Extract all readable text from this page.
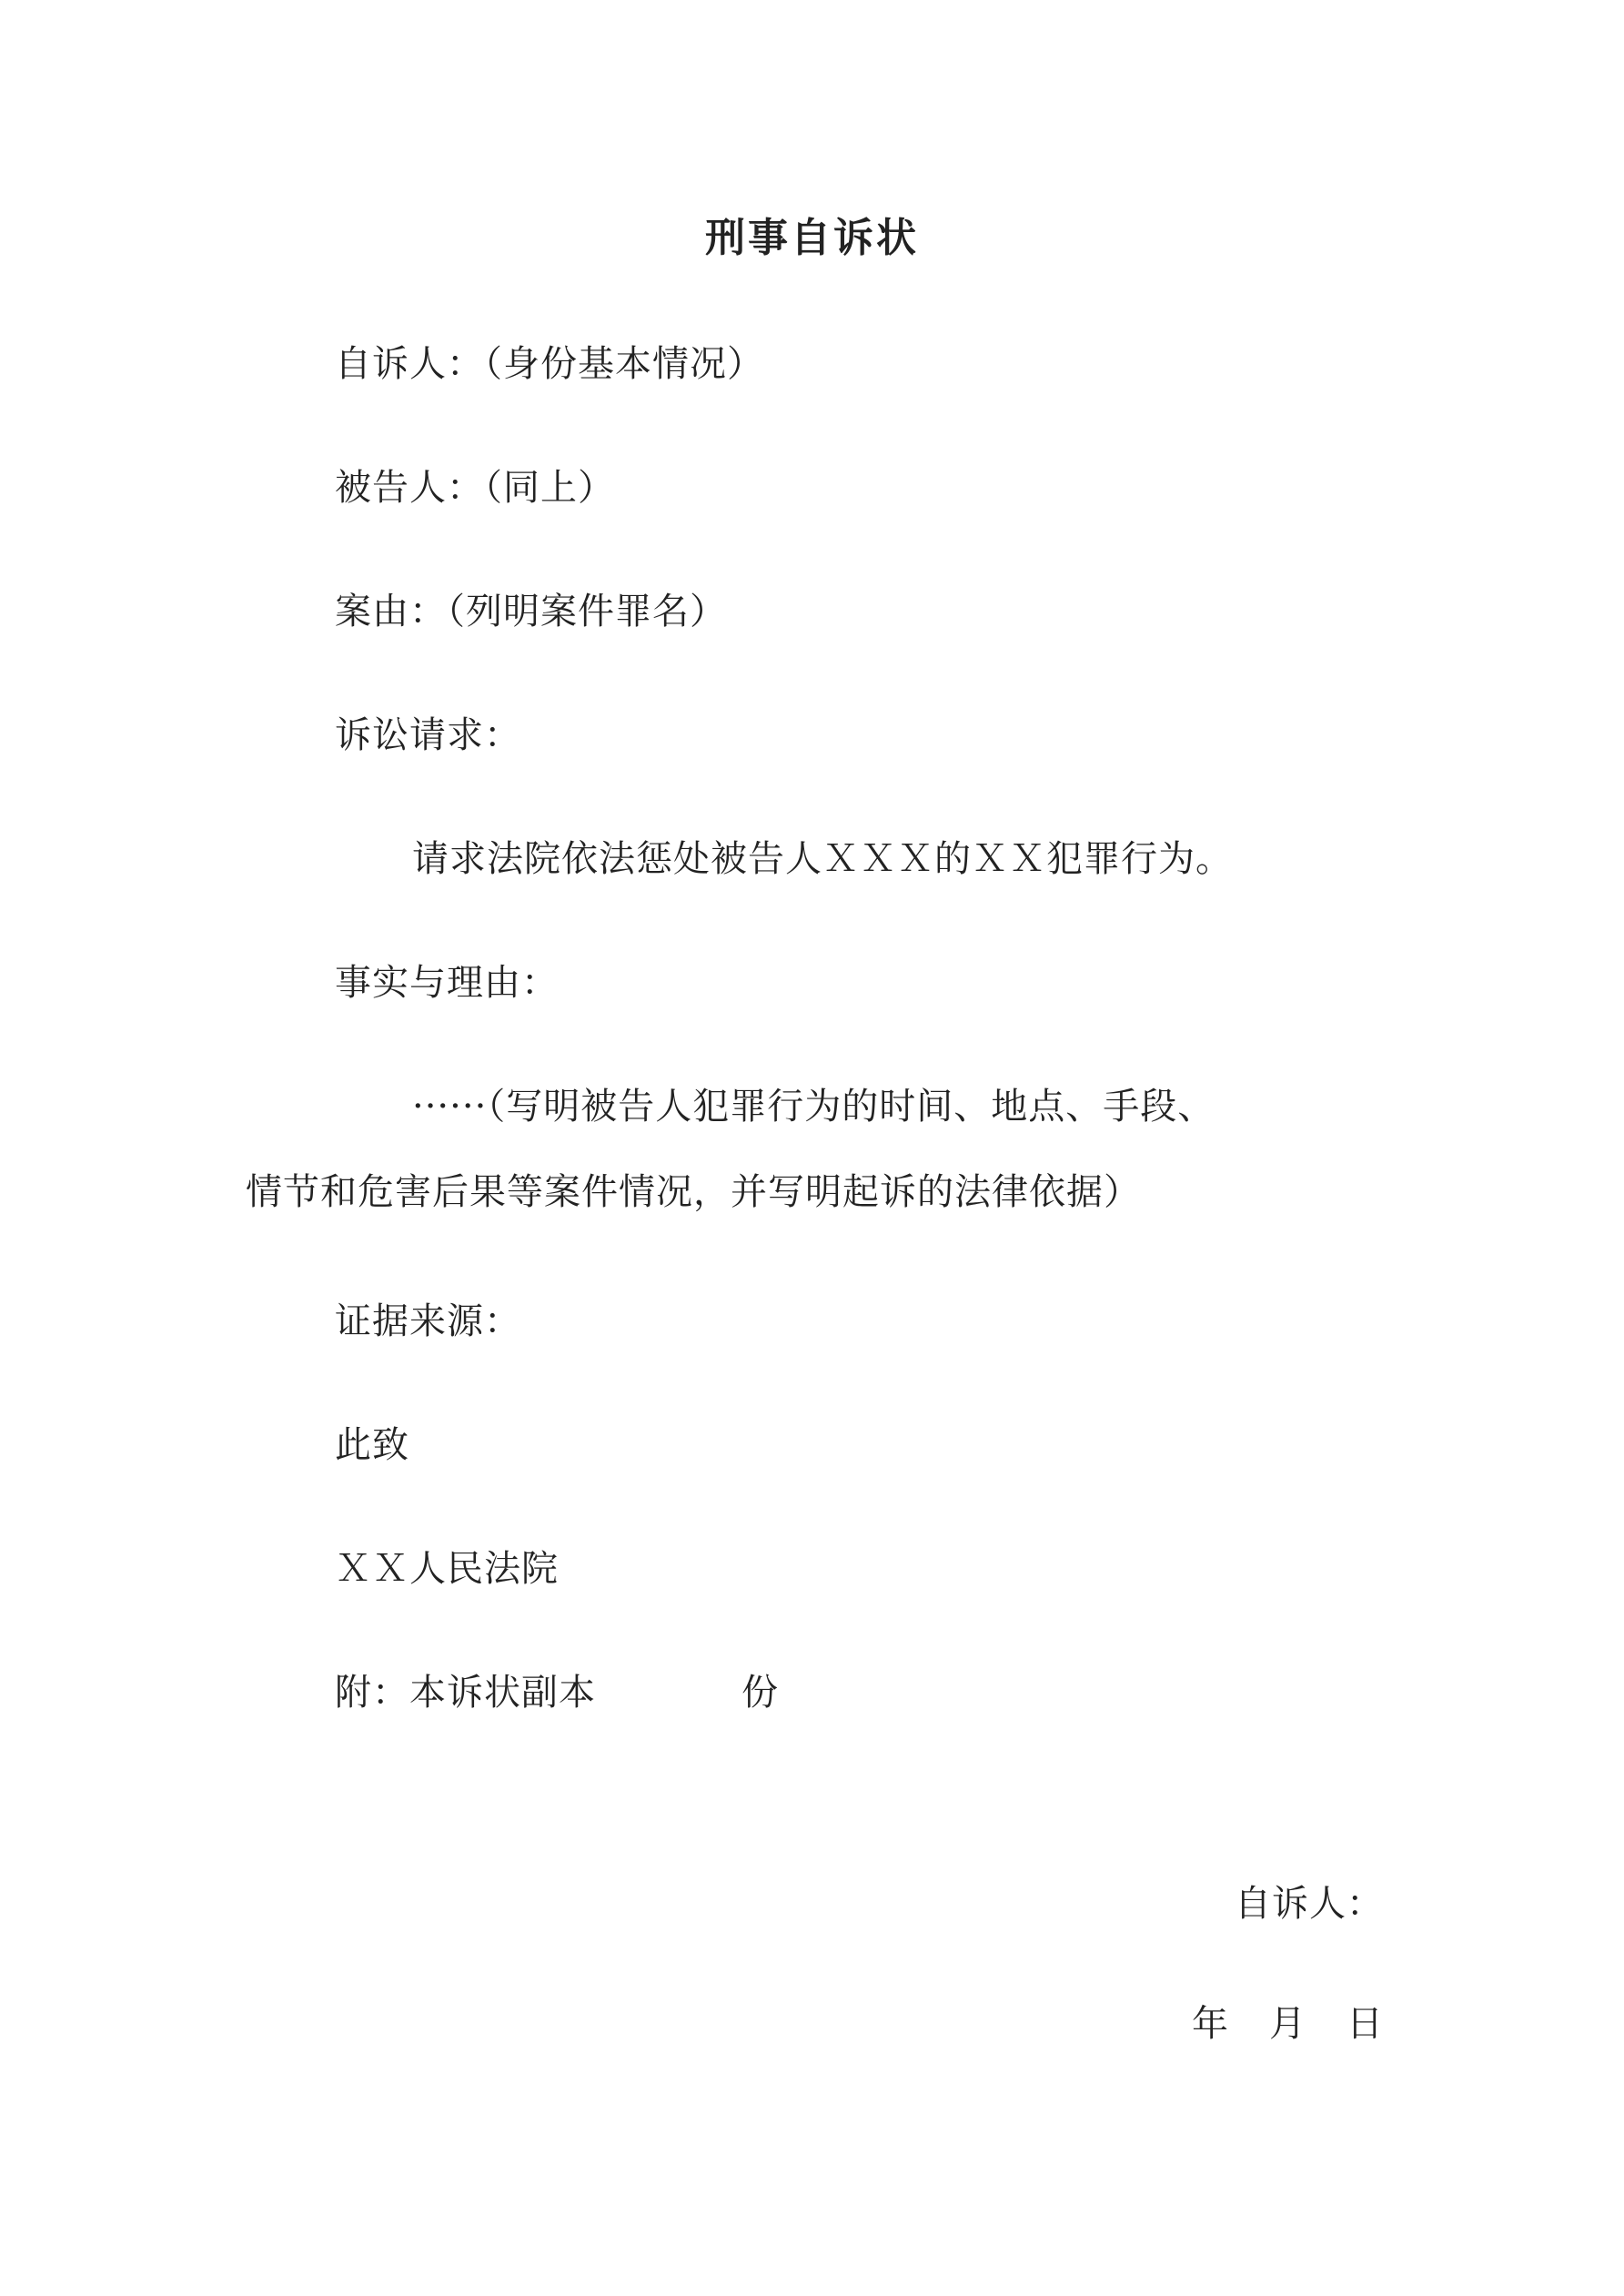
刑事自诉状
自诉人：（身份基本情况）
被告人：（同上）
案由：（列明案件罪名）
诉讼请求：
请求法院依法惩处被告人ＸＸＸ的ＸＸ犯罪行为。
事实与理由：
······（写明被告人犯罪行为的时间、地点、手段、
情节和危害后果等案件情况，并写明起诉的法律依据）
证据来源：
此致
ＸＸ人民法院
附：本诉状副本	份
自诉人：
年 月 日
